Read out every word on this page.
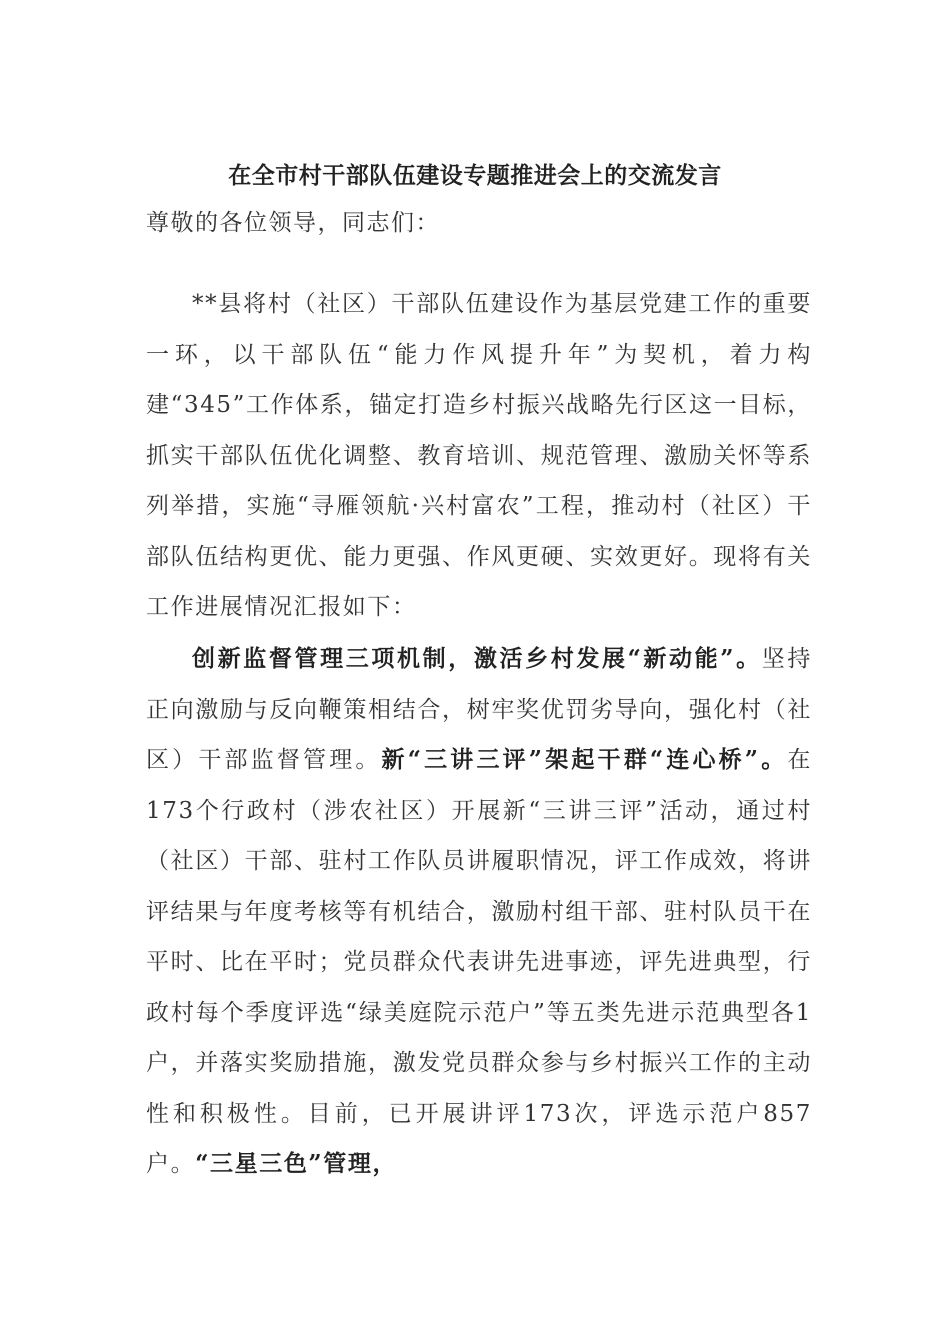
在全市村干部队伍建设专题推进会上的交流发言
尊敬的各位领导，同志们：

**县将村（社区）干部队伍建设作为基层党建工作的重要一环，以干部队伍“能力作风提升年”为契机，着力构建“345”工作体系，锚定打造乡村振兴战略先行区这一目标，抓实干部队伍优化调整、教育培训、规范管理、激励关怀等系列举措，实施“寻雁领航·兴村富农”工程，推动村（社区）干部队伍结构更优、能力更强、作风更硬、实效更好。现将有关工作进展情况汇报如下：

创新监督管理三项机制，激活乡村发展“新动能”。坚持正向激励与反向鞭策相结合，树牢奖优罚劣导向，强化村（社区）干部监督管理。新“三讲三评”架起干群“连心桥”。在173个行政村（涉农社区）开展新“三讲三评”活动，通过村（社区）干部、驻村工作队员讲履职情况，评工作成效，将讲评结果与年度考核等有机结合，激励村组干部、驻村队员干在平时、比在平时；党员群众代表讲先进事迹，评先进典型，行政村每个季度评选“绿美庭院示范户”等五类先进示范典型各1户，并落实奖励措施，激发党员群众参与乡村振兴工作的主动性和积极性。目前，已开展讲评173次，评选示范户857户。“三星三色”管理，
